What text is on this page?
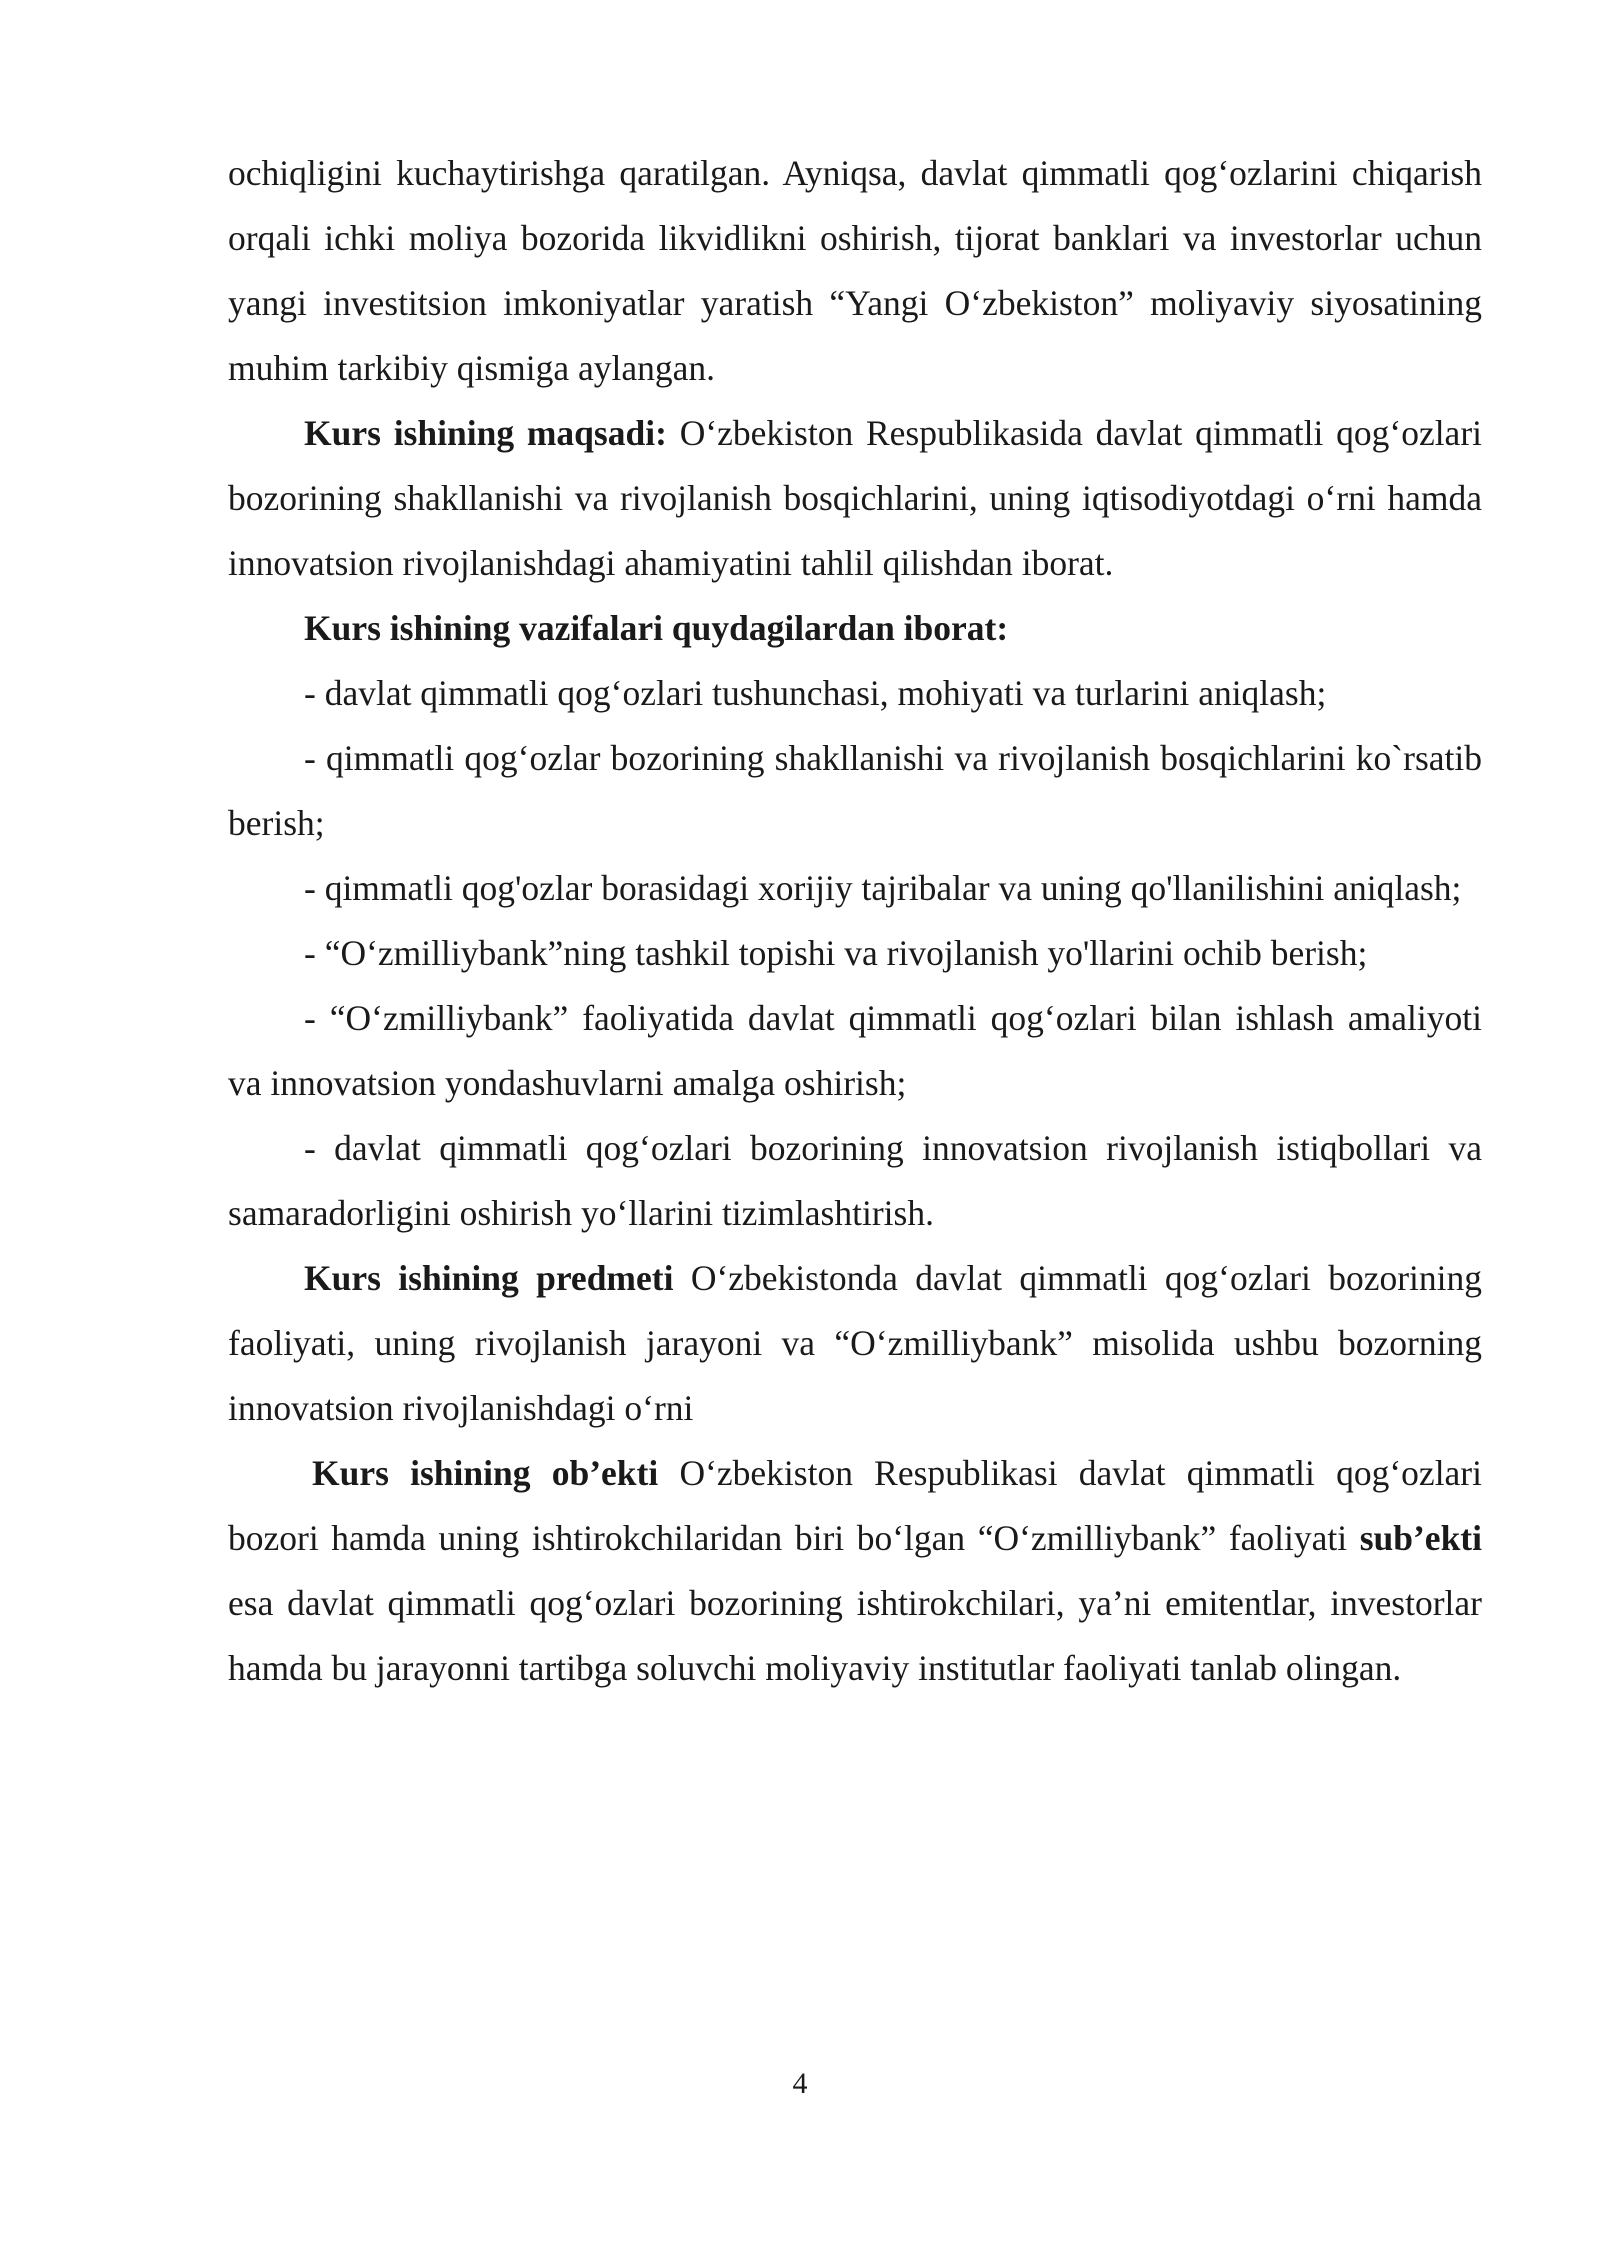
ochiqligini kuchaytirishga qaratilgan. Ayniqsa, davlat qimmatli qog‘ozlarini chiqarish orqali ichki moliya bozorida likvidlikni oshirish, tijorat banklari va investorlar uchun yangi investitsion imkoniyatlar yaratish “Yangi O‘zbekiston” moliyaviy siyosatining muhim tarkibiy qismiga aylangan.

Kurs ishining maqsadi: O‘zbekiston Respublikasida davlat qimmatli qog‘ozlari bozorining shakllanishi va rivojlanish bosqichlarini, uning iqtisodiyotdagi o‘rni hamda innovatsion rivojlanishdagi ahamiyatini tahlil qilishdan iborat.

Kurs ishining vazifalari quydagilardan iborat:

- davlat qimmatli qog‘ozlari tushunchasi, mohiyati va turlarini aniqlash;

- qimmatli qog‘ozlar bozorining shakllanishi va rivojlanish bosqichlarini ko`rsatib berish;

- qimmatli qog'ozlar borasidagi xorijiy tajribalar va uning qo'llanilishini aniqlash;

- “O‘zmilliybank”ning tashkil topishi va rivojlanish yo'llarini ochib berish;

- “O‘zmilliybank” faoliyatida davlat qimmatli qog‘ozlari bilan ishlash amaliyoti va innovatsion yondashuvlarni amalga oshirish;

- davlat qimmatli qog‘ozlari bozorining innovatsion rivojlanish istiqbollari va samaradorligini oshirish yo‘llarini tizimlashtirish.

Kurs ishining predmeti O‘zbekistonda davlat qimmatli qog‘ozlari bozorining faoliyati, uning rivojlanish jarayoni va “O‘zmilliybank” misolida ushbu bozorning innovatsion rivojlanishdagi o‘rni

Kurs ishining ob’ekti O‘zbekiston Respublikasi davlat qimmatli qog‘ozlari bozori hamda uning ishtirokchilaridan biri bo‘lgan “O‘zmilliybank” faoliyati sub’ekti esa davlat qimmatli qog‘ozlari bozorining ishtirokchilari, ya’ni emitentlar, investorlar hamda bu jarayonni tartibga soluvchi moliyaviy institutlar faoliyati tanlab olingan.

4
